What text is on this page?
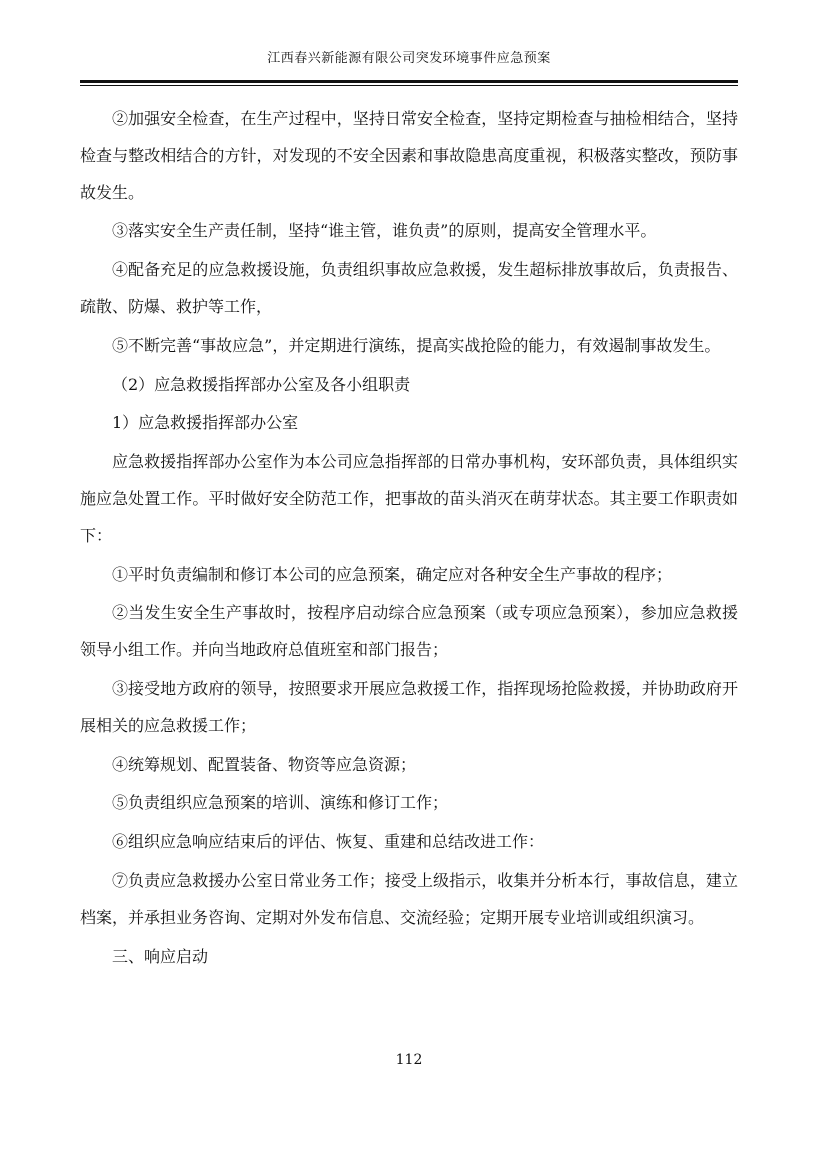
江西春兴新能源有限公司突发环境事件应急预案

②加强安全检查，在生产过程中，坚持日常安全检查，坚持定期检查与抽检相结合，坚持检查与整改相结合的方针，对发现的不安全因素和事故隐患高度重视，积极落实整改，预防事故发生。

③落实安全生产责任制，坚持“谁主管，谁负责”的原则，提高安全管理水平。

④配备充足的应急救援设施，负责组织事故应急救援，发生超标排放事故后，负责报告、疏散、防爆、救护等工作，

⑤不断完善“事故应急”，并定期进行演练，提高实战抢险的能力，有效遏制事故发生。

（2）应急救援指挥部办公室及各小组职责

1）应急救援指挥部办公室

应急救援指挥部办公室作为本公司应急指挥部的日常办事机构，安环部负责，具体组织实施应急处置工作。平时做好安全防范工作，把事故的苗头消灭在萌芽状态。其主要工作职责如下：

①平时负责编制和修订本公司的应急预案，确定应对各种安全生产事故的程序；

②当发生安全生产事故时，按程序启动综合应急预案（或专项应急预案），参加应急救援领导小组工作。并向当地政府总值班室和部门报告；

③接受地方政府的领导，按照要求开展应急救援工作，指挥现场抢险救援，并协助政府开展相关的应急救援工作；

④统筹规划、配置装备、物资等应急资源；

⑤负责组织应急预案的培训、演练和修订工作；

⑥组织应急响应结束后的评估、恢复、重建和总结改进工作：

⑦负责应急救援办公室日常业务工作；接受上级指示，收集并分析本行，事故信息，建立档案，并承担业务咨询、定期对外发布信息、交流经验；定期开展专业培训或组织演习。

三、响应启动

112
